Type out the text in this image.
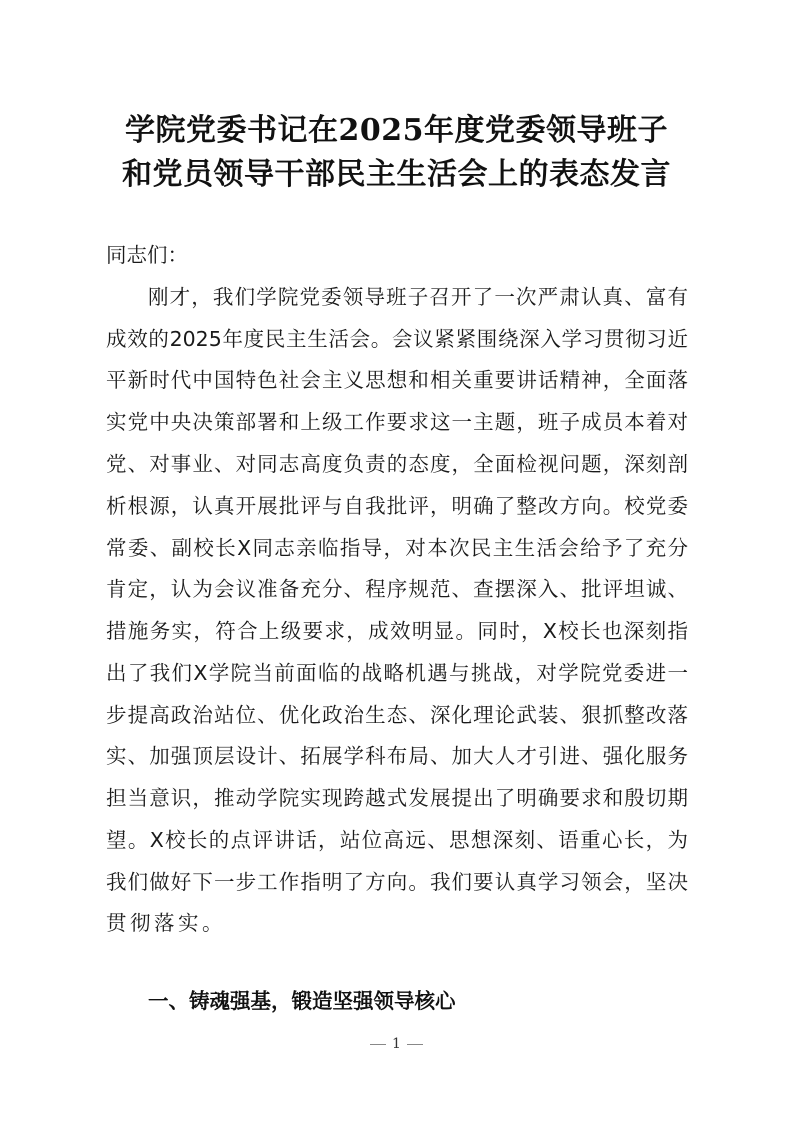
学院党委书记在2025年度党委领导班子
和党员领导干部民主生活会上的表态发言
同志们：
刚才，我们学院党委领导班子召开了一次严肃认真、富有
成效的2025年度民主生活会。会议紧紧围绕深入学习贯彻习近
平新时代中国特色社会主义思想和相关重要讲话精神，全面落
实党中央决策部署和上级工作要求这一主题，班子成员本着对
党、对事业、对同志高度负责的态度，全面检视问题，深刻剖
析根源，认真开展批评与自我批评，明确了整改方向。校党委
常委、副校长X同志亲临指导，对本次民主生活会给予了充分
肯定，认为会议准备充分、程序规范、查摆深入、批评坦诚、
措施务实，符合上级要求，成效明显。同时，X校长也深刻指
出了我们X学院当前面临的战略机遇与挑战，对学院党委进一
步提高政治站位、优化政治生态、深化理论武装、狠抓整改落
实、加强顶层设计、拓展学科布局、加大人才引进、强化服务
担当意识，推动学院实现跨越式发展提出了明确要求和殷切期
望。X校长的点评讲话，站位高远、思想深刻、语重心长，为
我们做好下一步工作指明了方向。我们要认真学习领会，坚决
贯彻落实。
一、铸魂强基，锻造坚强领导核心
1
